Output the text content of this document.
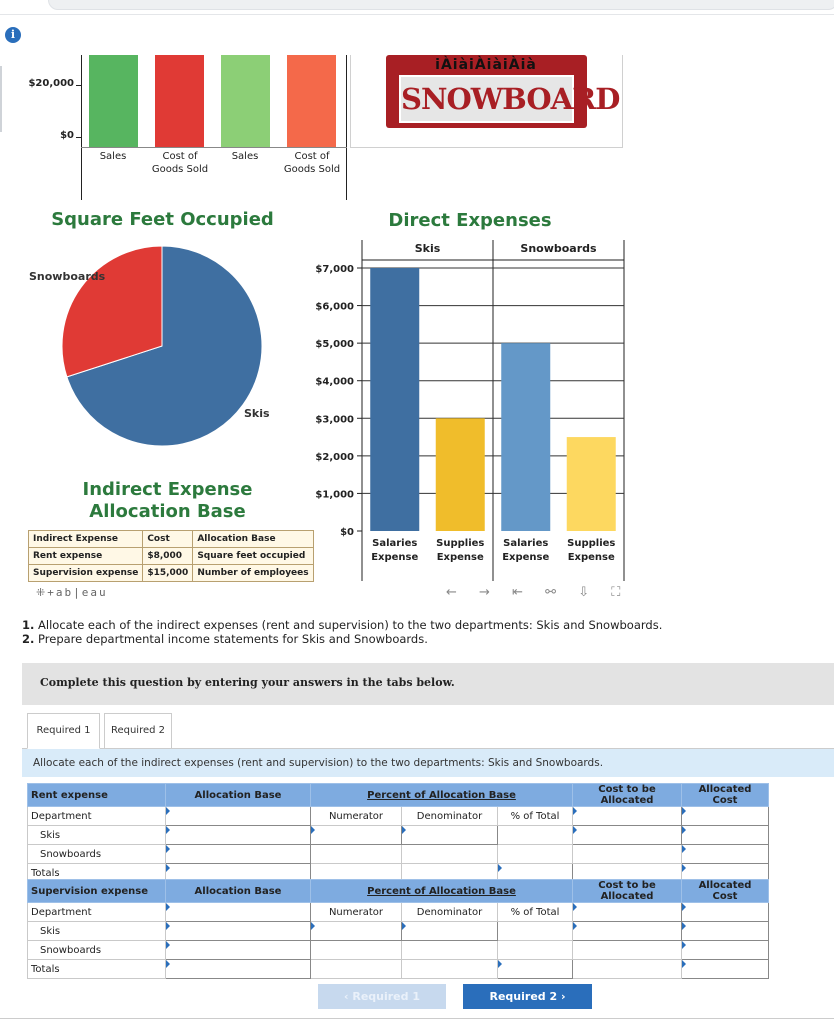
i
$20,000
$0
Sales	Cost of
Goods Sold
Sales	Cost of
Goods Sold
iÀiàiÀiàiÀià
SNOWBOARD
Square Feet Occupied
Snowboards
Skis
Indirect Expense Allocation Base
Indirect Expense	Cost	Allocation Base
Rent expense	$8,000	Square feet occupied
Supervision expense	$15,000	Number of employees
Direct Expenses
Skis	Snowboards
$0
$1,000
$2,000
$3,000
$4,000
$5,000
$6,000
$7,000
Salaries
Expense
Supplies
Expense
Salaries
Expense
Supplies
Expense
⁜+ab|eau	← → ⇤ ⚯ ⇩ ⛶
1. Allocate each of the indirect expenses (rent and supervision) to the two departments: Skis and Snowboards.
2. Prepare departmental income statements for Skis and Snowboards.
Complete this question by entering your answers in the tabs below.
Required 1	Required 2
Allocate each of the indirect expenses (rent and supervision) to the two departments: Skis and Snowboards.
Rent expense	Allocation Base	Percent of Allocation Base			Cost to be Allocated	Allocated Cost
Department		Numerator	Denominator	% of Total		
Skis						
Snowboards						
Totals						
Supervision expense	Allocation Base	Percent of Allocation Base			Cost to be Allocated	Allocated Cost
Department		Numerator	Denominator	% of Total		
Skis						
Snowboards						
Totals						
‹ Required 1	Required 2 ›
